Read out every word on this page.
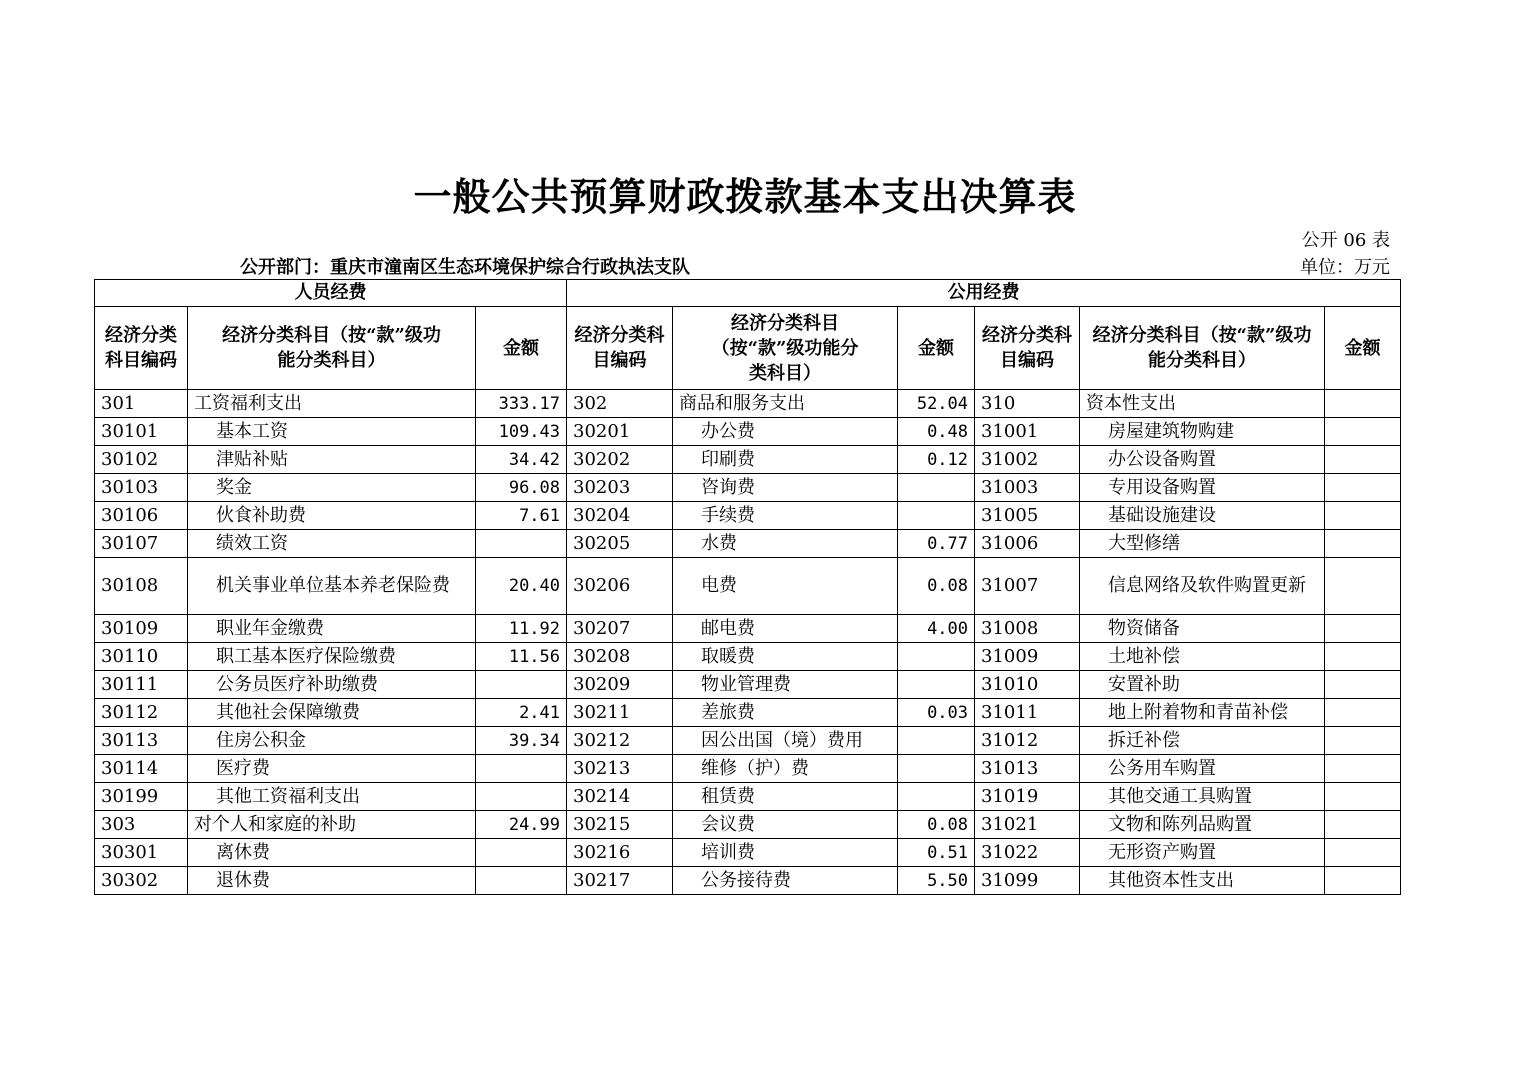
一般公共预算财政拨款基本支出决算表
公开 06 表
公开部门：重庆市潼南区生态环境保护综合行政执法支队	单位：万元
人员经费			公用经费					
经济分类科目编码	经济分类科目（按“款”级功能分类科目）	金额	经济分类科目编码	经济分类科目（按“款”级功能分类科目）	金额	经济分类科目编码	经济分类科目（按“款”级功能分类科目）	金额
301	工资福利支出	333.17	302	商品和服务支出	52.04	310	资本性支出	
30101	基本工资	109.43	30201	办公费	0.48	31001	房屋建筑物购建	
30102	津贴补贴	34.42	30202	印刷费	0.12	31002	办公设备购置	
30103	奖金	96.08	30203	咨询费		31003	专用设备购置	
30106	伙食补助费	7.61	30204	手续费		31005	基础设施建设	
30107	绩效工资		30205	水费	0.77	31006	大型修缮	
30108	机关事业单位基本养老保险费	20.40	30206	电费	0.08	31007	信息网络及软件购置更新	
30109	职业年金缴费	11.92	30207	邮电费	4.00	31008	物资储备	
30110	职工基本医疗保险缴费	11.56	30208	取暖费		31009	土地补偿	
30111	公务员医疗补助缴费		30209	物业管理费		31010	安置补助	
30112	其他社会保障缴费	2.41	30211	差旅费	0.03	31011	地上附着物和青苗补偿	
30113	住房公积金	39.34	30212	因公出国（境）费用		31012	拆迁补偿	
30114	医疗费		30213	维修（护）费		31013	公务用车购置	
30199	其他工资福利支出		30214	租赁费		31019	其他交通工具购置	
303	对个人和家庭的补助	24.99	30215	会议费	0.08	31021	文物和陈列品购置	
30301	离休费		30216	培训费	0.51	31022	无形资产购置	
30302	退休费		30217	公务接待费	5.50	31099	其他资本性支出	
